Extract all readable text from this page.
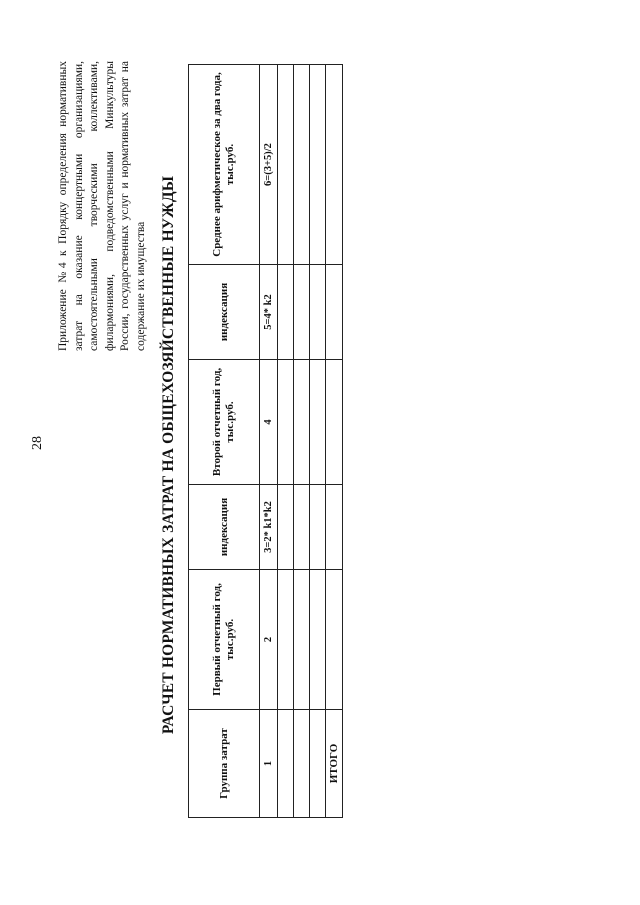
28
Приложение №4 к Порядку определения нормативных затрат на оказание концертными организациями, самостоятельными творческими коллективами, филармониями, подведомственными Минкультуры России, государственных услуг и нормативных затрат на содержание их имущества РАСЧЕТ НОРМАТИВНЫХ ЗАТРАТ НА ОБЩЕХОЗЯЙСТВЕННЫЕ НУЖДЫ
Группа затрат	Первый отчетный год, тыс.руб.	индексация	Второй отчетный год, тыс.руб.	индексация	Среднее арифметическое за два года, тыс.руб.
1	2	3=2* k1*k2	4	5=4* k2	6=(3+5)/2

ИТОГО					
